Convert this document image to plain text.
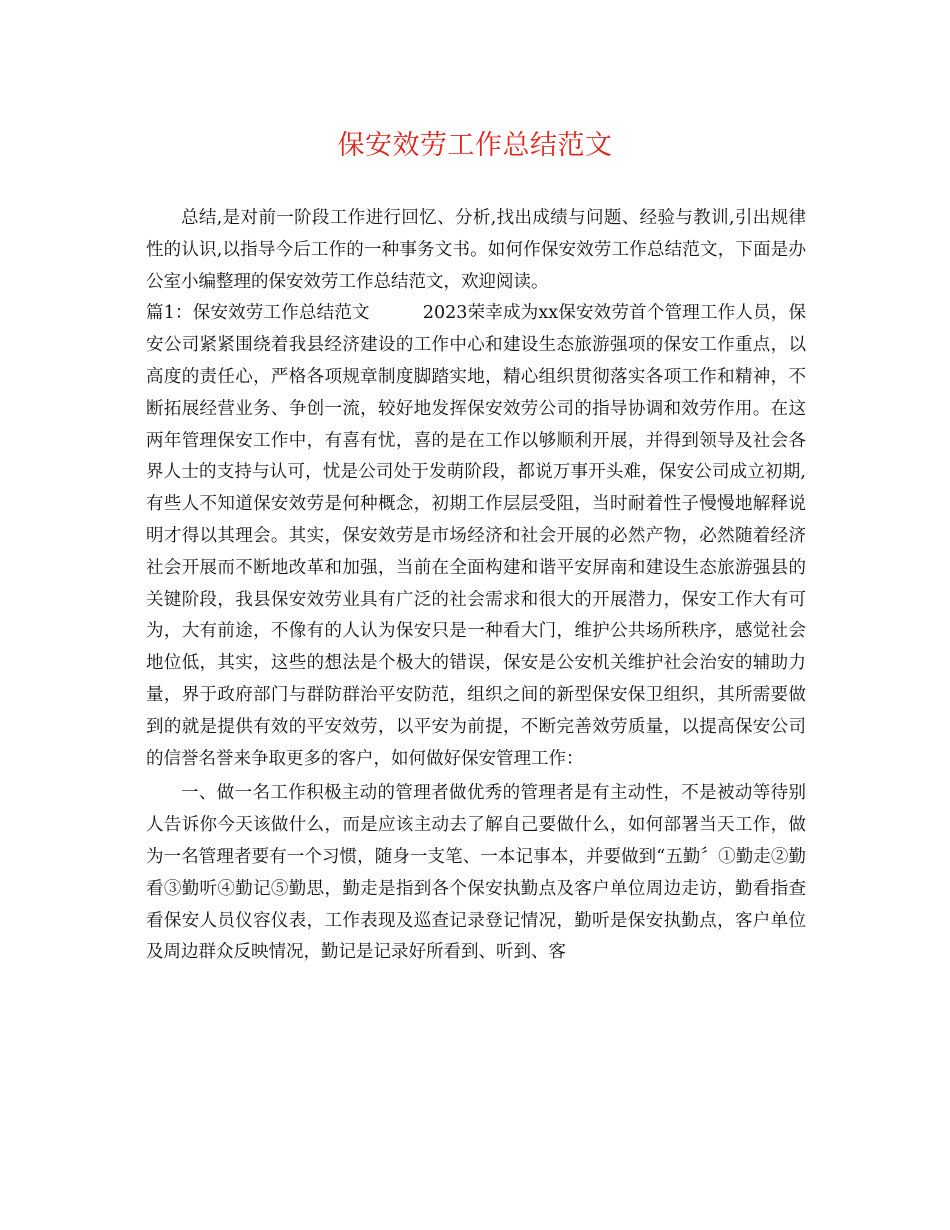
保安效劳工作总结范文

总结,是对前一阶段工作进行回忆、分析,找出成绩与问题、经验与教训,引出规律性的认识,以指导今后工作的一种事务文书。如何作保安效劳工作总结范文，下面是办公室小编整理的保安效劳工作总结范文，欢迎阅读。

篇1：保安效劳工作总结范文　　　2023荣幸成为xx保安效劳首个管理工作人员，保安公司紧紧围绕着我县经济建设的工作中心和建设生态旅游强项的保安工作重点，以高度的责任心，严格各项规章制度脚踏实地，精心组织贯彻落实各项工作和精神，不断拓展经营业务、争创一流，较好地发挥保安效劳公司的指导协调和效劳作用。在这两年管理保安工作中，有喜有忧，喜的是在工作以够顺利开展，并得到领导及社会各界人士的支持与认可，忧是公司处于发萌阶段，都说万事开头难，保安公司成立初期,有些人不知道保安效劳是何种概念，初期工作层层受阻，当时耐着性子慢慢地解释说明才得以其理会。其实，保安效劳是市场经济和社会开展的必然产物，必然随着经济社会开展而不断地改革和加强，当前在全面构建和谐平安屏南和建设生态旅游强县的关键阶段，我县保安效劳业具有广泛的社会需求和很大的开展潜力，保安工作大有可为，大有前途，不像有的人认为保安只是一种看大门，维护公共场所秩序，感觉社会地位低，其实，这些的想法是个极大的错误，保安是公安机关维护社会治安的辅助力量，界于政府部门与群防群治平安防范，组织之间的新型保安保卫组织，其所需要做到的就是提供有效的平安效劳，以平安为前提，不断完善效劳质量，以提高保安公司的信誉名誉来争取更多的客户，如何做好保安管理工作：

一、做一名工作积极主动的管理者做优秀的管理者是有主动性，不是被动等待别人告诉你今天该做什么，而是应该主动去了解自己要做什么，如何部署当天工作，做为一名管理者要有一个习惯，随身一支笔、一本记事本，并要做到“五勤〞①勤走②勤看③勤听④勤记⑤勤思，勤走是指到各个保安执勤点及客户单位周边走访，勤看指查看保安人员仪容仪表，工作表现及巡查记录登记情况，勤听是保安执勤点，客户单位及周边群众反映情况，勤记是记录好所看到、听到、客
